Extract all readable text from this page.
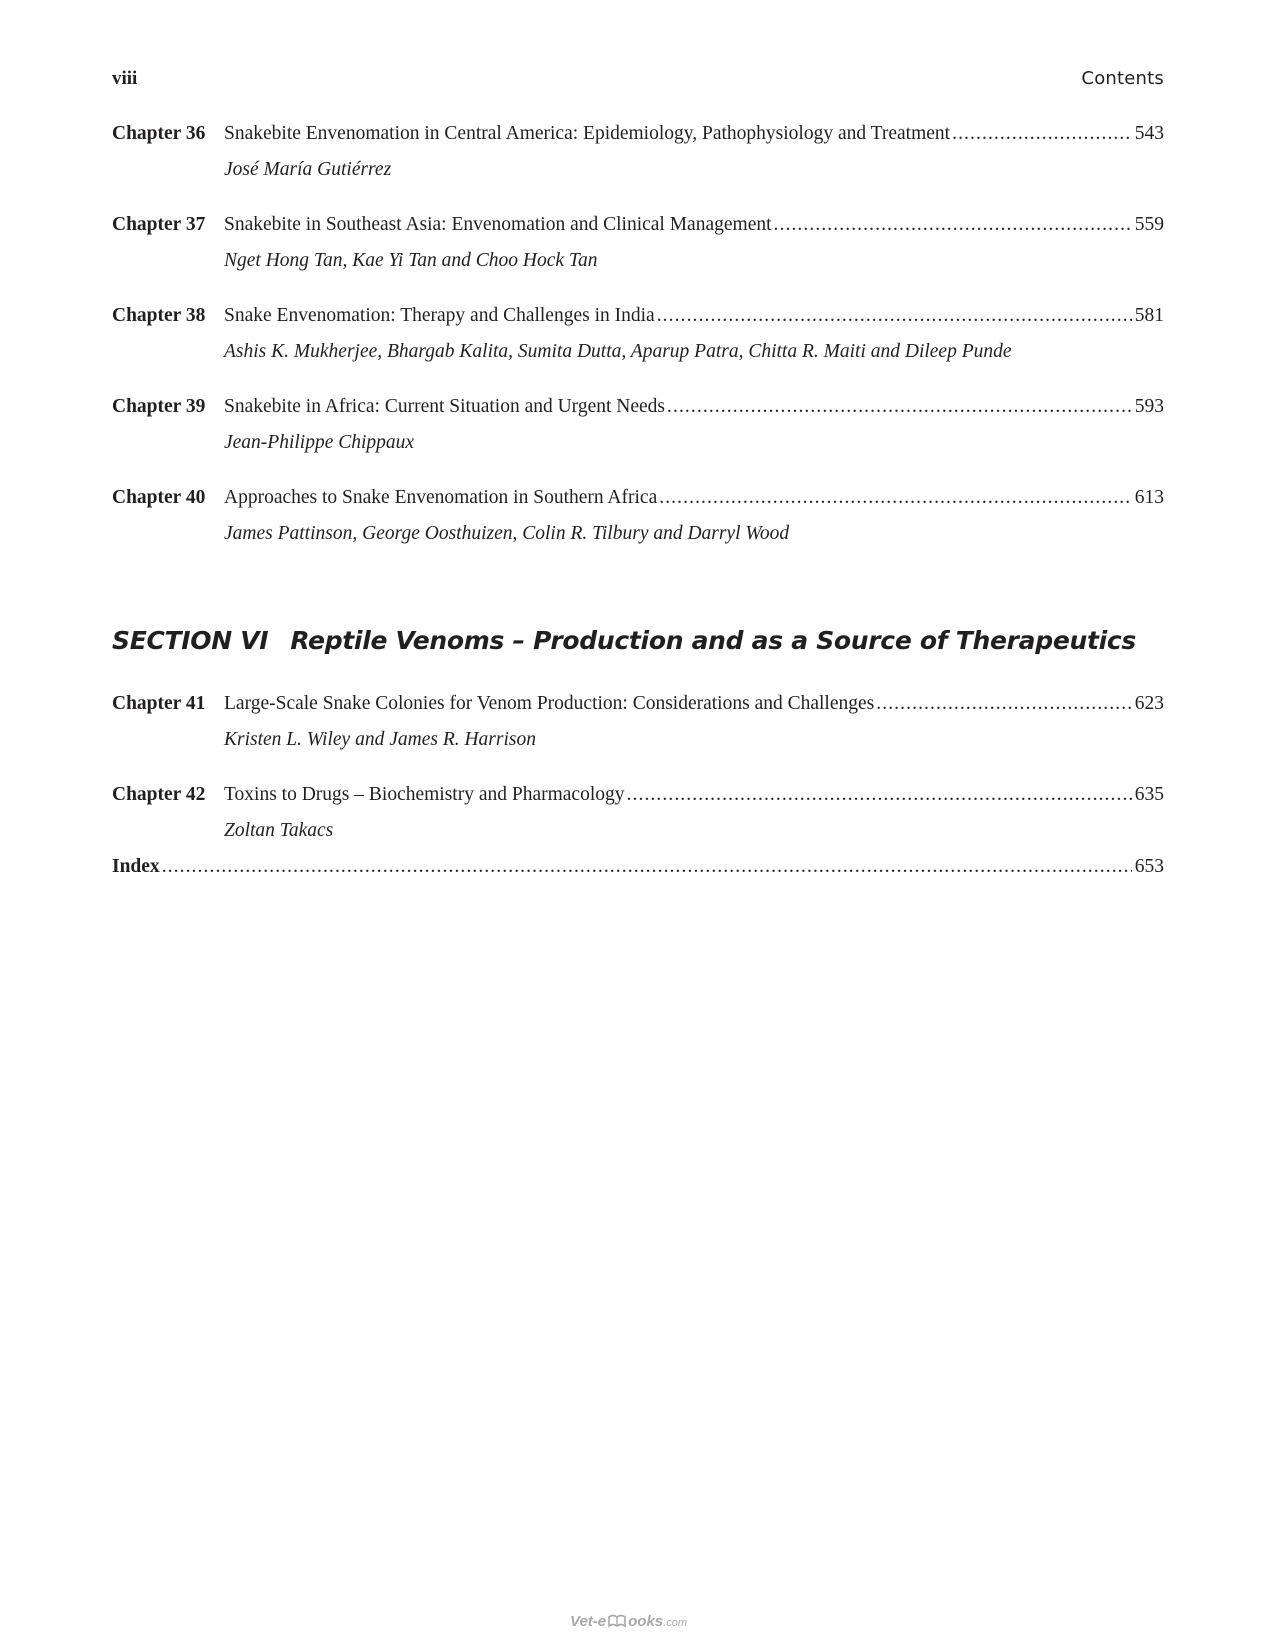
viii	Contents
Chapter 36 Snakebite Envenomation in Central America: Epidemiology, Pathophysiology and Treatment .....	543
José María Gutiérrez
Chapter 37 Snakebite in Southeast Asia: Envenomation and Clinical Management .....	559
Nget Hong Tan, Kae Yi Tan and Choo Hock Tan
Chapter 38 Snake Envenomation: Therapy and Challenges in India .....	581
Ashis K. Mukherjee, Bhargab Kalita, Sumita Dutta, Aparup Patra, Chitta R. Maiti and Dileep Punde
Chapter 39 Snakebite in Africa: Current Situation and Urgent Needs .....	593
Jean-Philippe Chippaux
Chapter 40 Approaches to Snake Envenomation in Southern Africa .....	613
James Pattinson, George Oosthuizen, Colin R. Tilbury and Darryl Wood
SECTION VI Reptile Venoms – Production and as a Source of Therapeutics
Chapter 41 Large-Scale Snake Colonies for Venom Production: Considerations and Challenges .....	623
Kristen L. Wiley and James R. Harrison
Chapter 42 Toxins to Drugs – Biochemistry and Pharmacology .....	635
Zoltan Takacs
Index .....	653
Vet-e ooks.com
